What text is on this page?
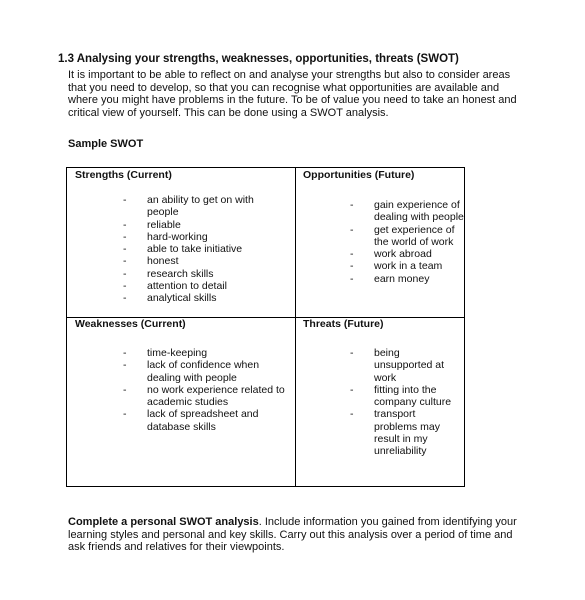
1.3 Analysing your strengths, weaknesses, opportunities, threats (SWOT)
It is important to be able to reflect on and analyse your strengths but also to consider areas
that you need to develop, so that you can recognise what opportunities are available and
where you might have problems in the future. To be of value you need to take an honest and
critical view of yourself. This can be done using a SWOT analysis.
Sample SWOT
Strengths (Current)
- an ability to get on with people
- reliable
- hard-working
- able to take initiative
- honest
- research skills
- attention to detail
- analytical skills
Opportunities (Future)
- gain experience of dealing with people
- get experience of the world of work
- work abroad
- work in a team
- earn money
Weaknesses (Current)
- time-keeping
- lack of confidence when dealing with people
- no work experience related to academic studies
- lack of spreadsheet and database skills
Threats (Future)
- being unsupported at work
- fitting into the company culture
- transport problems may result in my unreliability
Complete a personal SWOT analysis. Include information you gained from identifying your
learning styles and personal and key skills. Carry out this analysis over a period of time and
ask friends and relatives for their viewpoints.
